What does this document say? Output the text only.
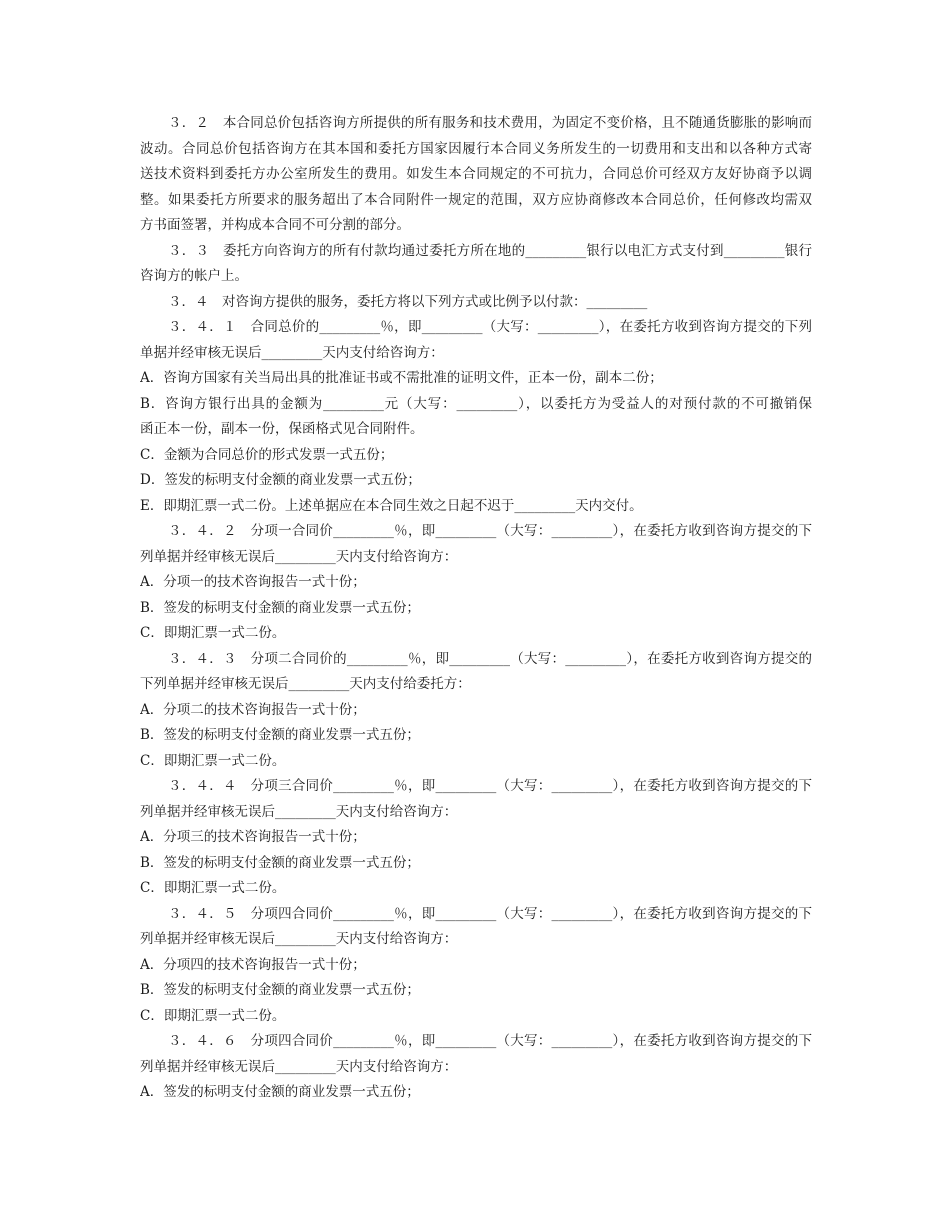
３．２　本合同总价包括咨询方所提供的所有服务和技术费用，为固定不变价格，且不随通货膨胀的影响而
波动。合同总价包括咨询方在其本国和委托方国家因履行本合同义务所发生的一切费用和支出和以各种方式寄
送技术资料到委托方办公室所发生的费用。如发生本合同规定的不可抗力，合同总价可经双方友好协商予以调
整。如果委托方所要求的服务超出了本合同附件一规定的范围，双方应协商修改本合同总价，任何修改均需双
方书面签署，并构成本合同不可分割的部分。
３．３　委托方向咨询方的所有付款均通过委托方所在地的_________银行以电汇方式支付到_________银行
咨询方的帐户上。
３．４　对咨询方提供的服务，委托方将以下列方式或比例予以付款：_________
３．４．１　合同总价的_________％，即_________（大写：_________），在委托方收到咨询方提交的下列
单据并经审核无误后_________天内支付给咨询方：
A．咨询方国家有关当局出具的批准证书或不需批准的证明文件，正本一份，副本二份；
B．咨询方银行出具的金额为_________元（大写：_________），以委托方为受益人的对预付款的不可撤销保
函正本一份，副本一份，保函格式见合同附件。
C．金额为合同总价的形式发票一式五份；
D．签发的标明支付金额的商业发票一式五份；
E．即期汇票一式二份。上述单据应在本合同生效之日起不迟于_________天内交付。
３．４．２　分项一合同价_________％，即_________（大写：_________），在委托方收到咨询方提交的下
列单据并经审核无误后_________天内支付给咨询方：
A．分项一的技术咨询报告一式十份；
B．签发的标明支付金额的商业发票一式五份；
C．即期汇票一式二份。
３．４．３　分项二合同价的_________％，即_________（大写：_________），在委托方收到咨询方提交的
下列单据并经审核无误后_________天内支付给委托方：
A．分项二的技术咨询报告一式十份；
B．签发的标明支付金额的商业发票一式五份；
C．即期汇票一式二份。
３．４．４　分项三合同价_________％，即_________（大写：_________），在委托方收到咨询方提交的下
列单据并经审核无误后_________天内支付给咨询方：
A．分项三的技术咨询报告一式十份；
B．签发的标明支付金额的商业发票一式五份；
C．即期汇票一式二份。
３．４．５　分项四合同价_________％，即_________（大写：_________），在委托方收到咨询方提交的下
列单据并经审核无误后_________天内支付给咨询方：
A．分项四的技术咨询报告一式十份；
B．签发的标明支付金额的商业发票一式五份；
C．即期汇票一式二份。
３．４．６　分项四合同价_________％，即_________（大写：_________），在委托方收到咨询方提交的下
列单据并经审核无误后_________天内支付给咨询方：
A．签发的标明支付金额的商业发票一式五份；
